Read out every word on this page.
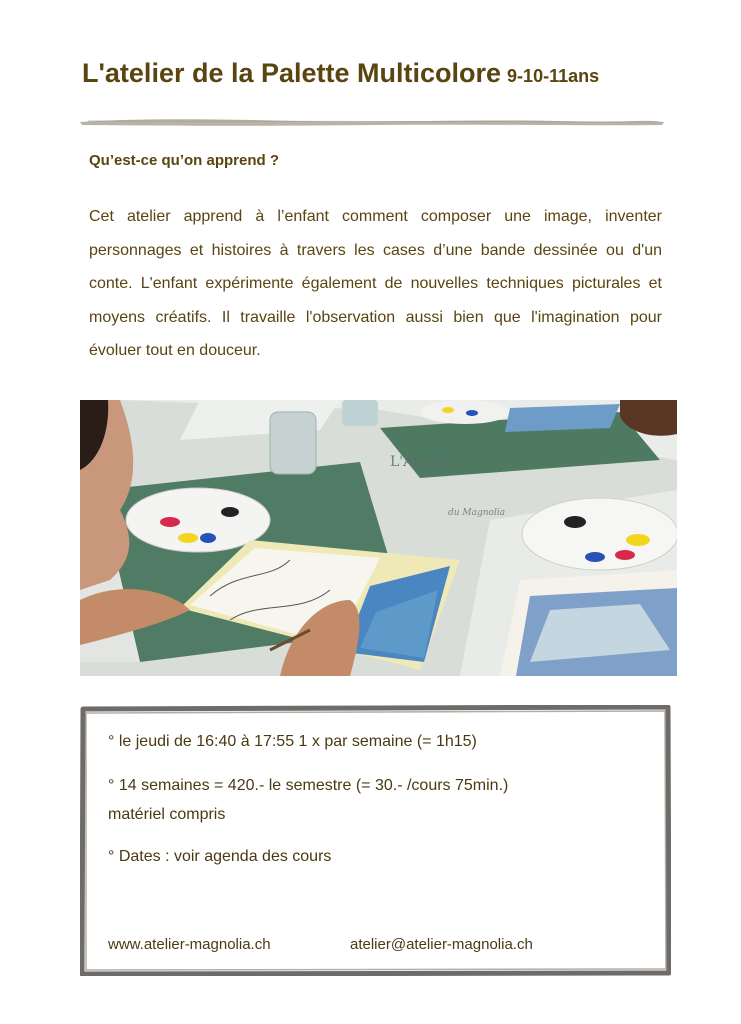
L'atelier de la Palette Multicolore 9-10-11ans
Qu’est-ce qu’on apprend ?

Cet atelier apprend à l’enfant comment composer une image, inventer personnages et histoires à travers les cases d’une bande dessinée ou d'un conte. L'enfant expérimente également de nouvelles techniques picturales et moyens créatifs. Il travaille l'observation aussi bien que l'imagination pour évoluer tout en douceur.

L'Atelier
du Magnolia

° le jeudi de 16:40 à 17:55 1 x par semaine (= 1h15)

° 14 semaines = 420.- le semestre (= 30.- /cours 75min.)

matériel compris

° Dates : voir agenda des cours

www.atelier-magnolia.ch	atelier@atelier-magnolia.ch
